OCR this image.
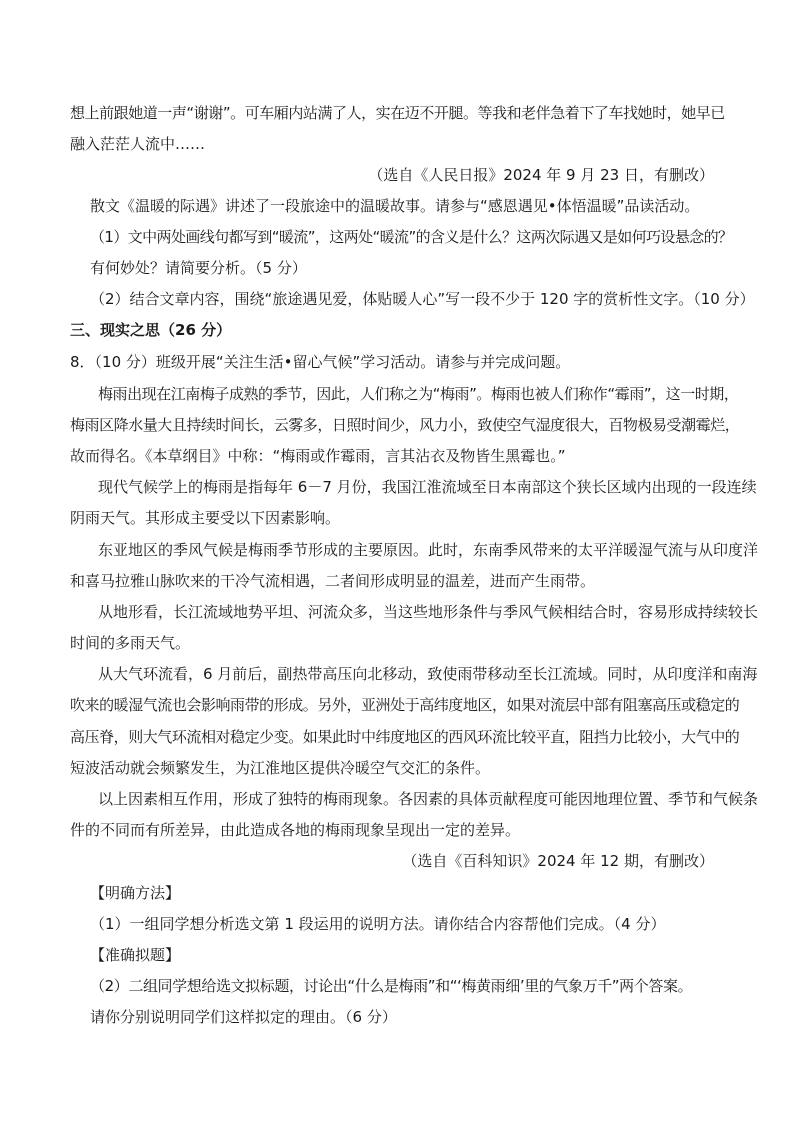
想上前跟她道一声“谢谢”。可车厢内站满了人，实在迈不开腿。等我和老伴急着下了车找她时，她早已
融入茫茫人流中……
（选自《人民日报》2024 年 9 月 23 日，有删改）
散文《温暖的际遇》讲述了一段旅途中的温暖故事。请参与“感恩遇见•体悟温暖”品读活动。
（1）文中两处画线句都写到“暖流”，这两处“暖流”的含义是什么？这两次际遇又是如何巧设悬念的？
有何妙处？请简要分析。（5 分）
（2）结合文章内容，围绕“旅途遇见爱，体贴暖人心”写一段不少于 120 字的赏析性文字。（10 分）
三、现实之思（26 分）
8．（10 分）班级开展“关注生活•留心气候”学习活动。请参与并完成问题。
梅雨出现在江南梅子成熟的季节，因此，人们称之为“梅雨”。梅雨也被人们称作“霉雨”，这一时期，
梅雨区降水量大且持续时间长，云雾多，日照时间少，风力小，致使空气湿度很大，百物极易受潮霉烂，
故而得名。《本草纲目》中称：“梅雨或作霉雨，言其沾衣及物皆生黑霉也。”
现代气候学上的梅雨是指每年 6－7 月份，我国江淮流域至日本南部这个狭长区域内出现的一段连续
阴雨天气。其形成主要受以下因素影响。
东亚地区的季风气候是梅雨季节形成的主要原因。此时，东南季风带来的太平洋暖湿气流与从印度洋
和喜马拉雅山脉吹来的干冷气流相遇，二者间形成明显的温差，进而产生雨带。
从地形看，长江流域地势平坦、河流众多，当这些地形条件与季风气候相结合时，容易形成持续较长
时间的多雨天气。
从大气环流看，6 月前后，副热带高压向北移动，致使雨带移动至长江流域。同时，从印度洋和南海
吹来的暖湿气流也会影响雨带的形成。另外，亚洲处于高纬度地区，如果对流层中部有阻塞高压或稳定的
高压脊，则大气环流相对稳定少变。如果此时中纬度地区的西风环流比较平直，阻挡力比较小，大气中的
短波活动就会频繁发生，为江淮地区提供冷暖空气交汇的条件。
以上因素相互作用，形成了独特的梅雨现象。各因素的具体贡献程度可能因地理位置、季节和气候条
件的不同而有所差异，由此造成各地的梅雨现象呈现出一定的差异。
（选自《百科知识》2024 年 12 期，有删改）
【明确方法】
（1）一组同学想分析选文第 1 段运用的说明方法。请你结合内容帮他们完成。（4 分）
【准确拟题】
（2）二组同学想给选文拟标题，讨论出“什么是梅雨”和“‘梅黄雨细’里的气象万千”两个答案。
请你分别说明同学们这样拟定的理由。（6 分）
